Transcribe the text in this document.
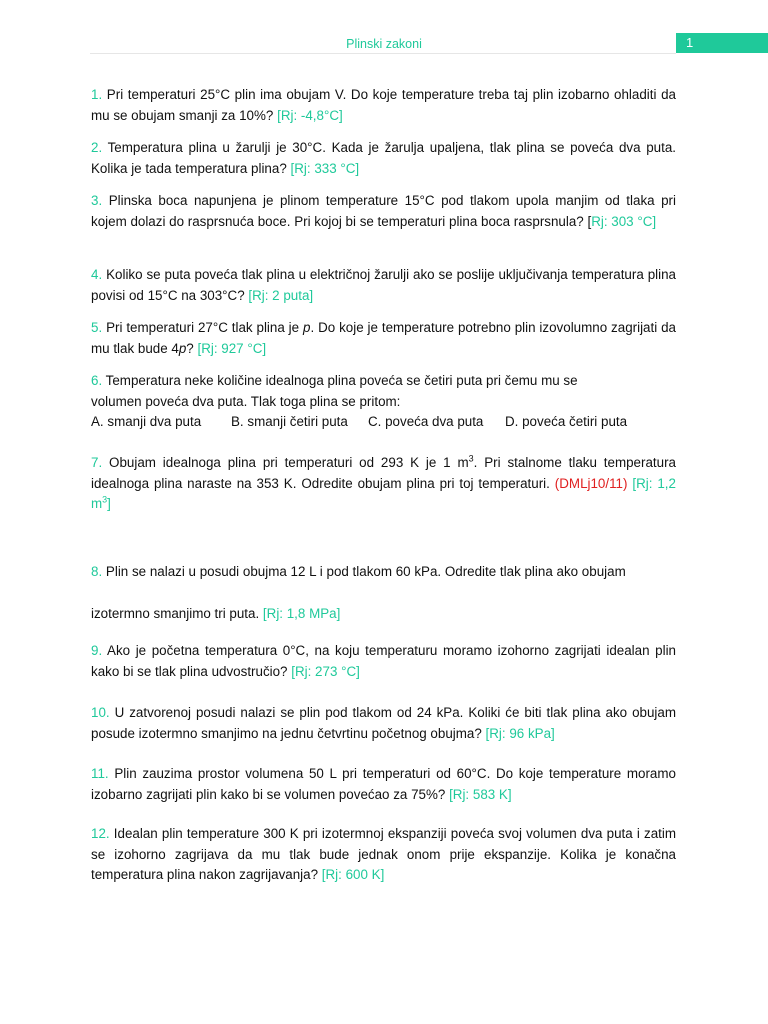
Plinski zakoni	1
1. Pri temperaturi 25°C plin ima obujam V. Do koje temperature treba taj plin izobarno ohladiti da mu se obujam smanji za 10%? [Rj: -4,8°C]
2. Temperatura plina u žarulji je 30°C. Kada je žarulja upaljena, tlak plina se poveća dva puta. Kolika je tada temperatura plina? [Rj: 333 °C]
3. Plinska boca napunjena je plinom temperature 15°C pod tlakom upola manjim od tlaka pri kojem dolazi do rasprsnuća boce. Pri kojoj bi se temperaturi plina boca rasprsnula? [Rj: 303 °C]
4. Koliko se puta poveća tlak plina u električnoj žarulji ako se poslije uključivanja temperatura plina povisi od 15°C na 303°C? [Rj: 2 puta]
5. Pri temperaturi 27°C tlak plina je p. Do koje je temperature potrebno plin izovolumno zagrijati da mu tlak bude 4p? [Rj: 927 °C]
6. Temperatura neke količine idealnoga plina poveća se četiri puta pri čemu mu se
volumen poveća dva puta. Tlak toga plina se pritom:
A. smanji dva puta	B. smanji četiri puta	C. poveća dva puta	D. poveća četiri puta
7. Obujam idealnoga plina pri temperaturi od 293 K je 1 $m^3$. Pri stalnome tlaku temperatura idealnoga plina naraste na 353 K. Odredite obujam plina pri toj temperaturi. (DMLj10/11) [Rj: 1,2 $m^3$]
8. Plin se nalazi u posudi obujma 12 L i pod tlakom 60 kPa. Odredite tlak plina ako obujam
izotermno smanjimo tri puta. [Rj: 1,8 MPa]
9. Ako je početna temperatura 0°C, na koju temperaturu moramo izohorno zagrijati idealan plin kako bi se tlak plina udvostručio? [Rj: 273 °C]
10. U zatvorenoj posudi nalazi se plin pod tlakom od 24 kPa. Koliki će biti tlak plina ako obujam posude izotermno smanjimo na jednu četvrtinu početnog obujma? [Rj: 96 kPa]
11. Plin zauzima prostor volumena 50 L pri temperaturi od 60°C. Do koje temperature moramo izobarno zagrijati plin kako bi se volumen povećao za 75%? [Rj: 583 K]
12. Idealan plin temperature 300 K pri izotermnoj ekspanziji poveća svoj volumen dva puta i zatim se izohorno zagrijava da mu tlak bude jednak onom prije ekspanzije. Kolika je konačna temperatura plina nakon zagrijavanja? [Rj: 600 K]
